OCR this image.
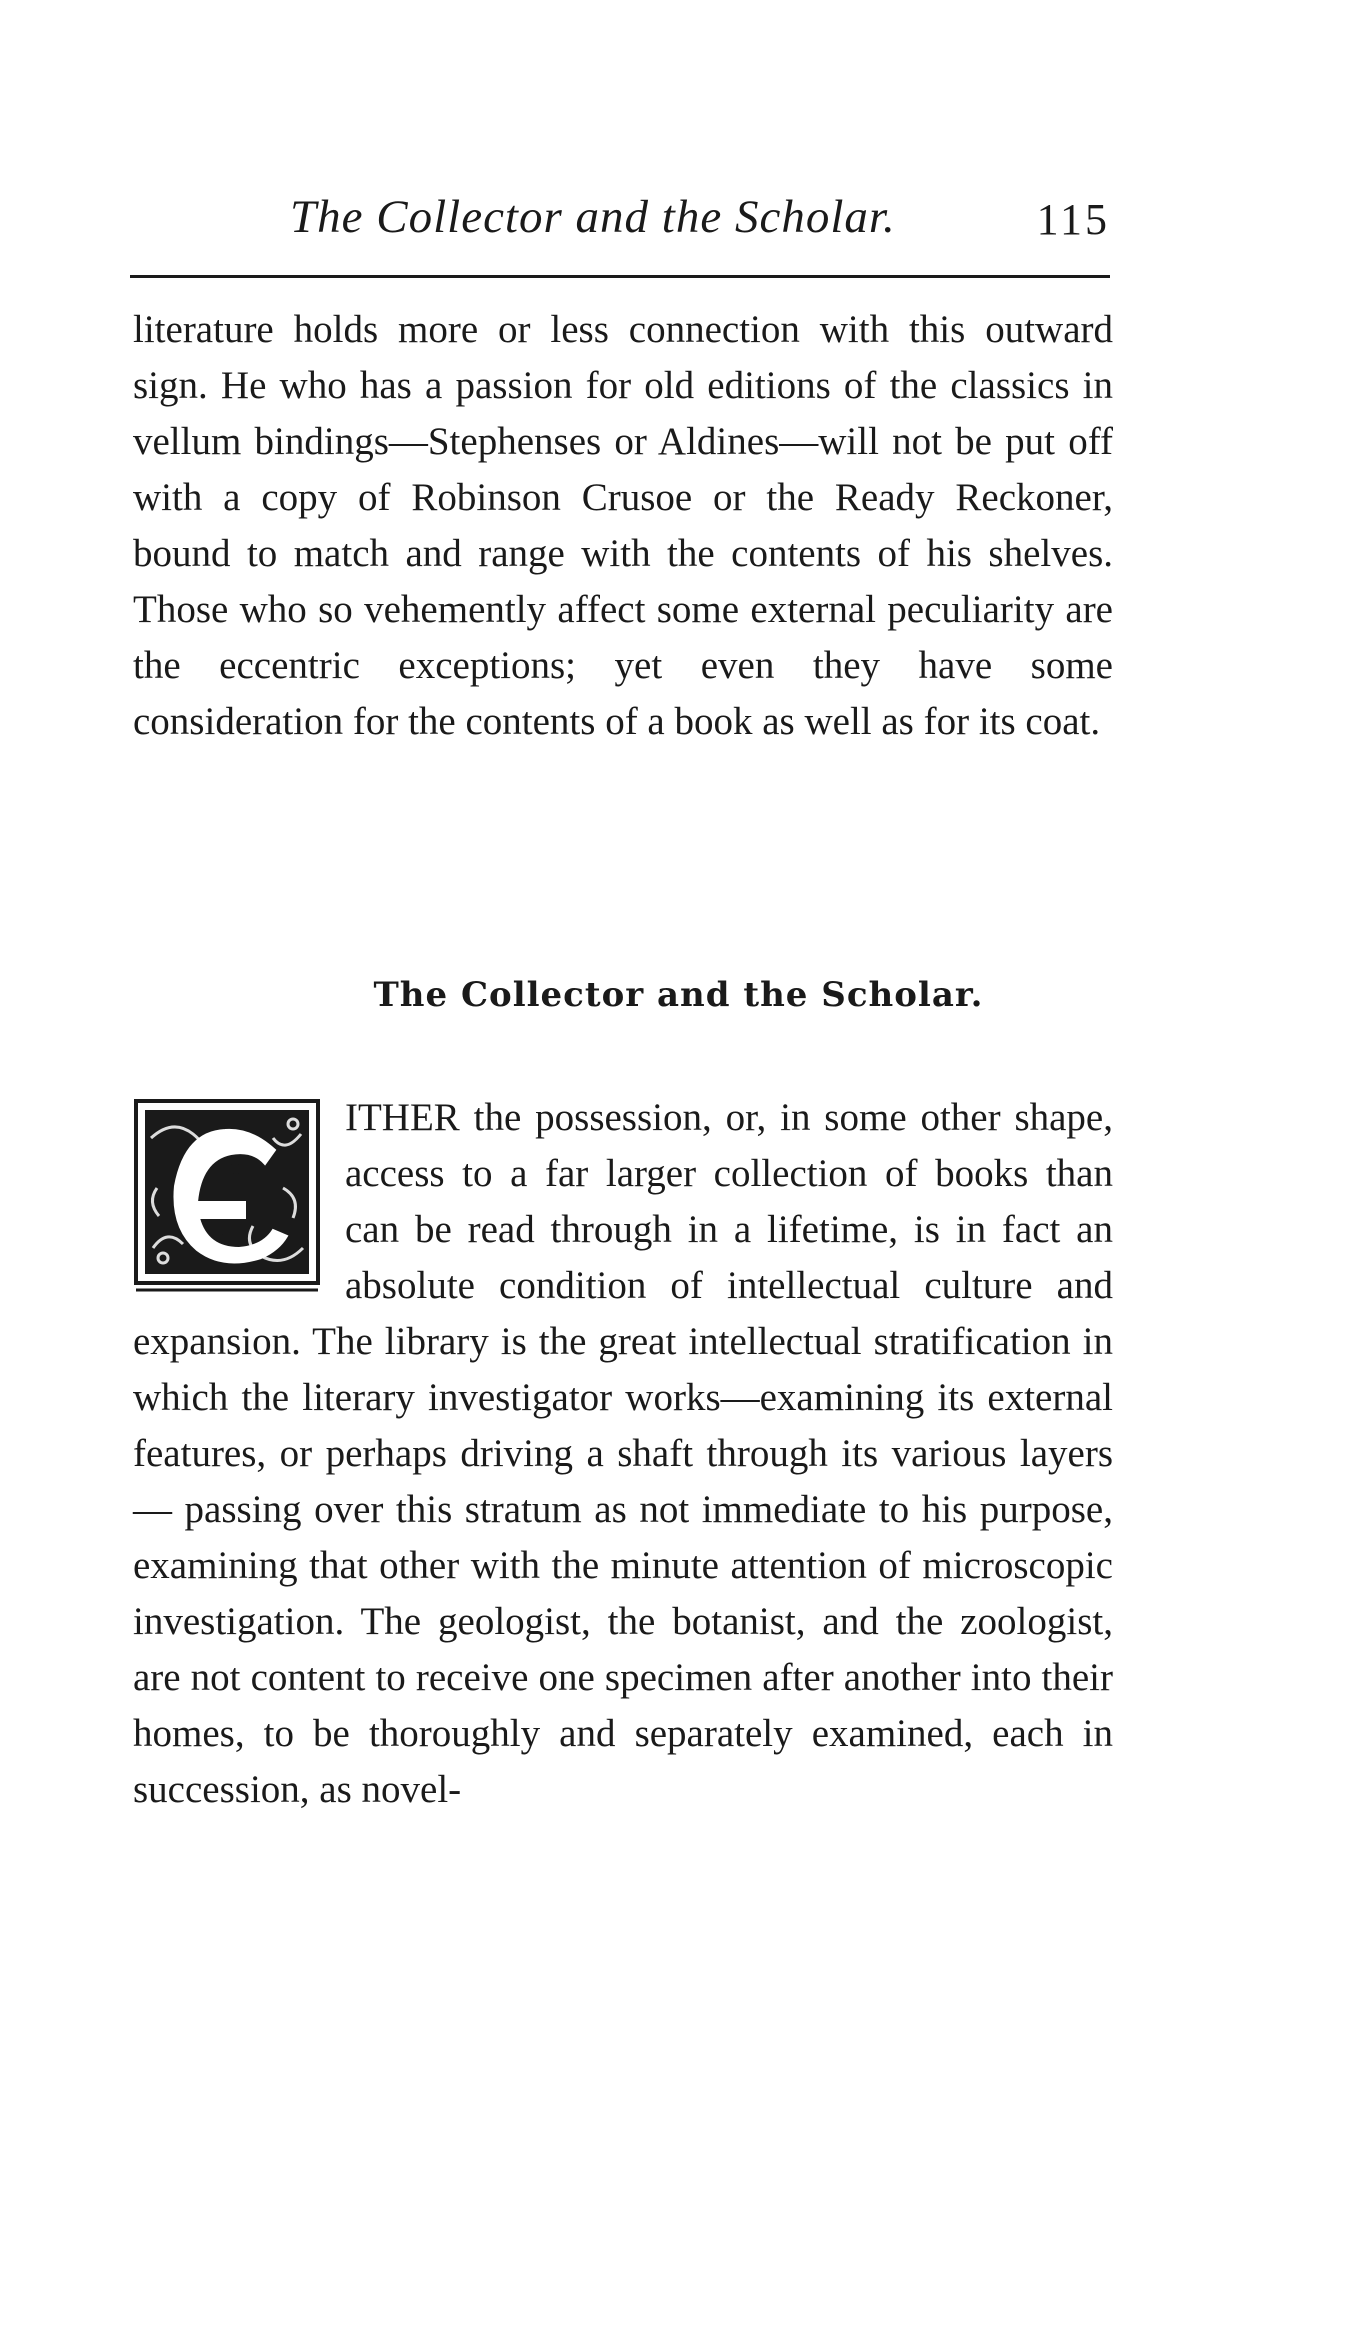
The Collector and the Scholar.	115

literature holds more or less connection with this outward sign. He who has a passion for old editions of the classics in vellum bindings—Stephenses or Aldines—will not be put off with a copy of Robinson Crusoe or the Ready Reckoner, bound to match and range with the contents of his shelves. Those who so vehemently affect some external peculiarity are the eccentric exceptions; yet even they have some consideration for the contents of a book as well as for its coat.

The Collector and the Scholar.

ITHER the possession, or, in some other shape, access to a far larger collection of books than can be read through in a lifetime, is in fact an absolute condition of intellectual culture and expansion. The library is the great intellectual stratification in which the literary investigator works—examining its external features, or perhaps driving a shaft through its various layers — passing over this stratum as not immediate to his purpose, examining that other with the minute attention of microscopic investigation. The geologist, the botanist, and the zoologist, are not content to receive one specimen after another into their homes, to be thoroughly and separately examined, each in succession, as novel-
